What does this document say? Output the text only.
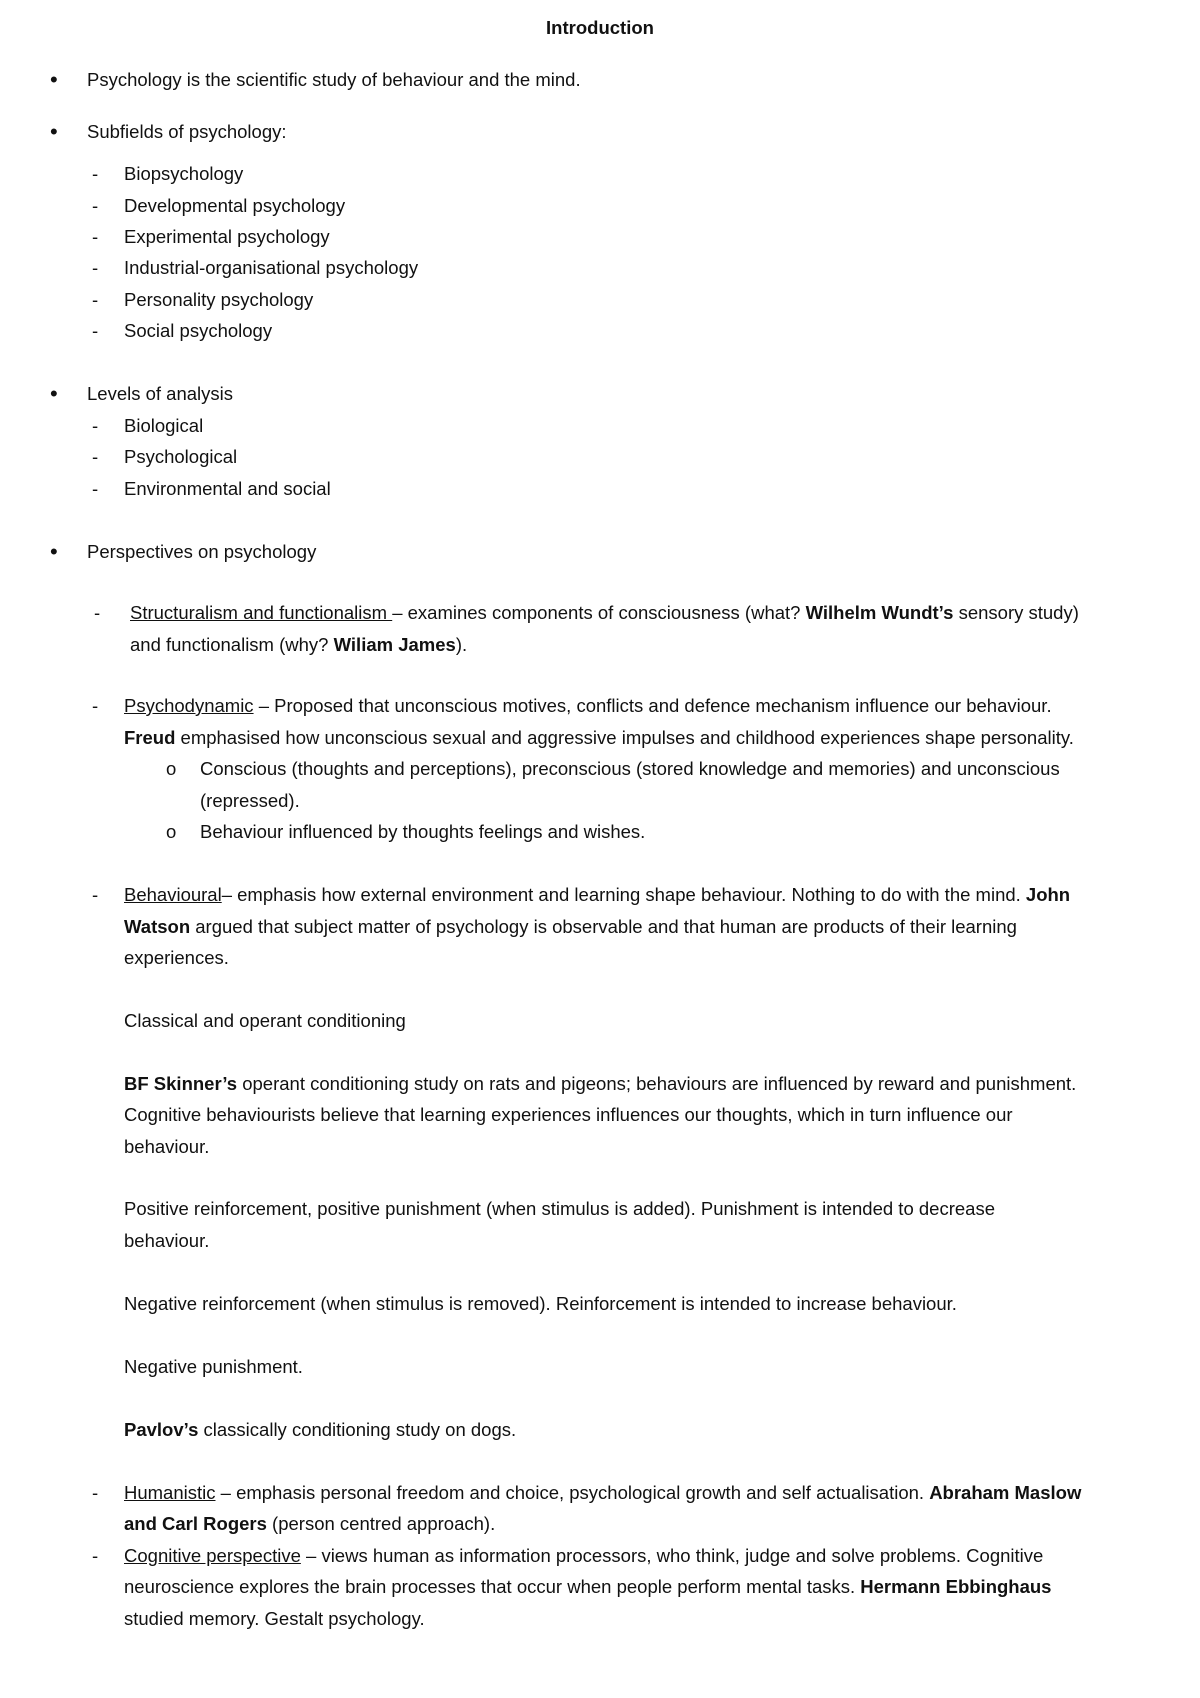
Introduction
• Psychology is the scientific study of behaviour and the mind.
• Subfields of psychology:
- Biopsychology
- Developmental psychology
- Experimental psychology
- Industrial-organisational psychology
- Personality psychology
- Social psychology
• Levels of analysis
- Biological
- Psychological
- Environmental and social
• Perspectives on psychology
- Structuralism and functionalism – examines components of consciousness (what? Wilhelm Wundt’s sensory study)
and functionalism (why? Wiliam James).
- Psychodynamic – Proposed that unconscious motives, conflicts and defence mechanism influence our behaviour.
Freud emphasised how unconscious sexual and aggressive impulses and childhood experiences shape personality.
o Conscious (thoughts and perceptions), preconscious (stored knowledge and memories) and unconscious
(repressed).
o Behaviour influenced by thoughts feelings and wishes.
- Behavioural– emphasis how external environment and learning shape behaviour. Nothing to do with the mind. John
Watson argued that subject matter of psychology is observable and that human are products of their learning
experiences.
Classical and operant conditioning
BF Skinner’s operant conditioning study on rats and pigeons; behaviours are influenced by reward and punishment.
Cognitive behaviourists believe that learning experiences influences our thoughts, which in turn influence our
behaviour.
Positive reinforcement, positive punishment (when stimulus is added). Punishment is intended to decrease
behaviour.
Negative reinforcement (when stimulus is removed). Reinforcement is intended to increase behaviour.
Negative punishment.
Pavlov’s classically conditioning study on dogs.
- Humanistic – emphasis personal freedom and choice, psychological growth and self actualisation. Abraham Maslow
and Carl Rogers (person centred approach).
- Cognitive perspective – views human as information processors, who think, judge and solve problems. Cognitive
neuroscience explores the brain processes that occur when people perform mental tasks. Hermann Ebbinghaus
studied memory. Gestalt psychology.
